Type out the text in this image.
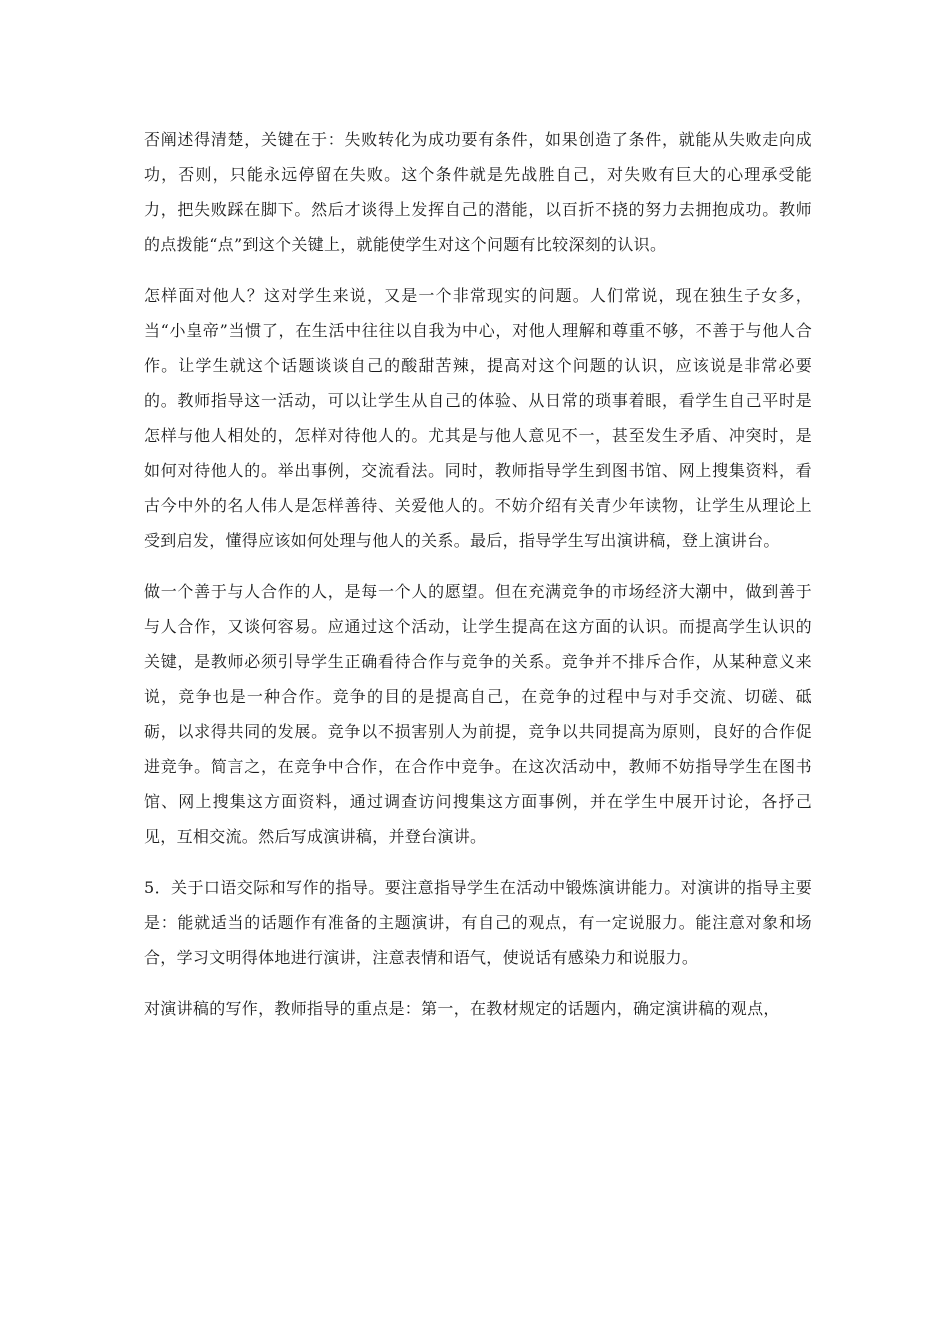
否阐述得清楚，关键在于：失败转化为成功要有条件，如果创造了条件，就能从失败走向成功，否则，只能永远停留在失败。这个条件就是先战胜自己，对失败有巨大的心理承受能力，把失败踩在脚下。然后才谈得上发挥自己的潜能，以百折不挠的努力去拥抱成功。教师的点拨能“点”到这个关键上，就能使学生对这个问题有比较深刻的认识。

怎样面对他人？这对学生来说，又是一个非常现实的问题。人们常说，现在独生子女多，当“小皇帝”当惯了，在生活中往往以自我为中心，对他人理解和尊重不够，不善于与他人合作。让学生就这个话题谈谈自己的酸甜苦辣，提高对这个问题的认识，应该说是非常必要的。教师指导这一活动，可以让学生从自己的体验、从日常的琐事着眼，看学生自己平时是怎样与他人相处的，怎样对待他人的。尤其是与他人意见不一，甚至发生矛盾、冲突时，是如何对待他人的。举出事例，交流看法。同时，教师指导学生到图书馆、网上搜集资料，看古今中外的名人伟人是怎样善待、关爱他人的。不妨介绍有关青少年读物，让学生从理论上受到启发，懂得应该如何处理与他人的关系。最后，指导学生写出演讲稿，登上演讲台。

做一个善于与人合作的人，是每一个人的愿望。但在充满竞争的市场经济大潮中，做到善于与人合作，又谈何容易。应通过这个活动，让学生提高在这方面的认识。而提高学生认识的关键，是教师必须引导学生正确看待合作与竞争的关系。竞争并不排斥合作，从某种意义来说，竞争也是一种合作。竞争的目的是提高自己，在竞争的过程中与对手交流、切磋、砥砺，以求得共同的发展。竞争以不损害别人为前提，竞争以共同提高为原则，良好的合作促进竞争。简言之，在竞争中合作，在合作中竞争。在这次活动中，教师不妨指导学生在图书馆、网上搜集这方面资料，通过调查访问搜集这方面事例，并在学生中展开讨论，各抒己见，互相交流。然后写成演讲稿，并登台演讲。

5．关于口语交际和写作的指导。要注意指导学生在活动中锻炼演讲能力。对演讲的指导主要是：能就适当的话题作有准备的主题演讲，有自己的观点，有一定说服力。能注意对象和场合，学习文明得体地进行演讲，注意表情和语气，使说话有感染力和说服力。

对演讲稿的写作，教师指导的重点是：第一，在教材规定的话题内，确定演讲稿的观点，
